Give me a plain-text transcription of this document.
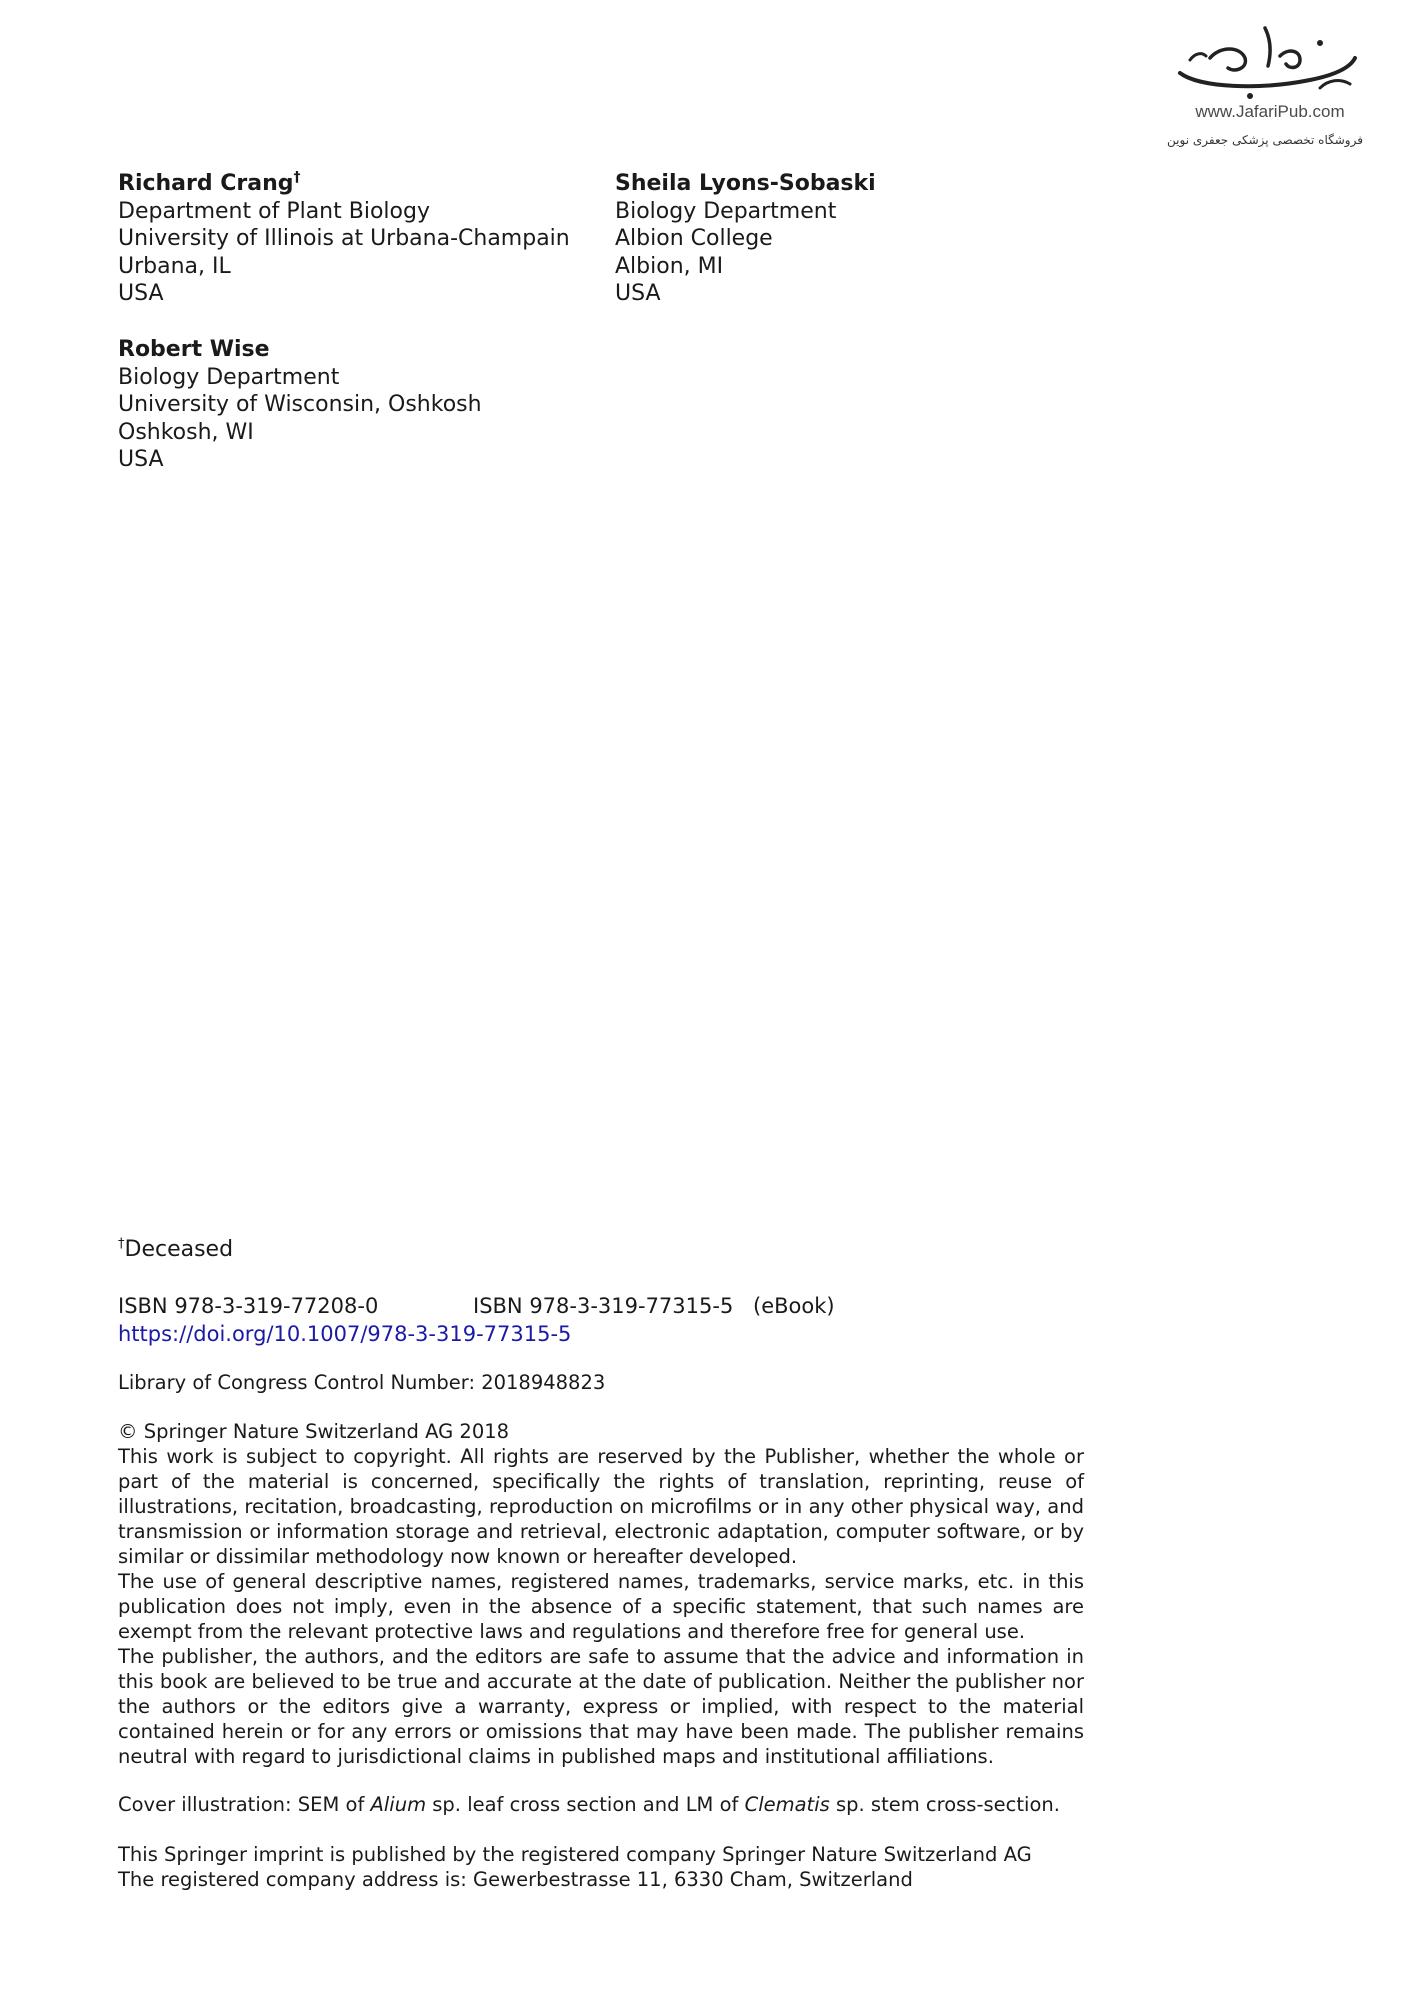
www.JafariPub.com
فروشگاه تخصصی پزشکی جعفری نوین
Richard Crang†
Department of Plant Biology
University of Illinois at Urbana-Champain
Urbana, IL
USA
Sheila Lyons-Sobaski
Biology Department
Albion College
Albion, MI
USA
Robert Wise
Biology Department
University of Wisconsin, Oshkosh
Oshkosh, WI
USA
†Deceased
ISBN 978-3-319-77208-0	ISBN 978-3-319-77315-5 (eBook)
https://doi.org/10.1007/978-3-319-77315-5
Library of Congress Control Number: 2018948823

© Springer Nature Switzerland AG 2018

This work is subject to copyright. All rights are reserved by the Publisher, whether the whole or part of the material is concerned, specifically the rights of translation, reprinting, reuse of illustrations, recitation, broadcasting, reproduction on microfilms or in any other physical way, and transmission or information storage and retrieval, electronic adaptation, computer software, or by similar or dissimilar methodology now known or hereafter developed.

The use of general descriptive names, registered names, trademarks, service marks, etc. in this publication does not imply, even in the absence of a specific statement, that such names are exempt from the relevant protective laws and regulations and therefore free for general use.

The publisher, the authors, and the editors are safe to assume that the advice and information in this book are believed to be true and accurate at the date of publication. Neither the publisher nor the authors or the editors give a warranty, express or implied, with respect to the material contained herein or for any errors or omissions that may have been made. The publisher remains neutral with regard to jurisdictional claims in published maps and institutional affiliations.

Cover illustration: SEM of Alium sp. leaf cross section and LM of Clematis sp. stem cross-section.
This Springer imprint is published by the registered company Springer Nature Switzerland AG
The registered company address is: Gewerbestrasse 11, 6330 Cham, Switzerland
